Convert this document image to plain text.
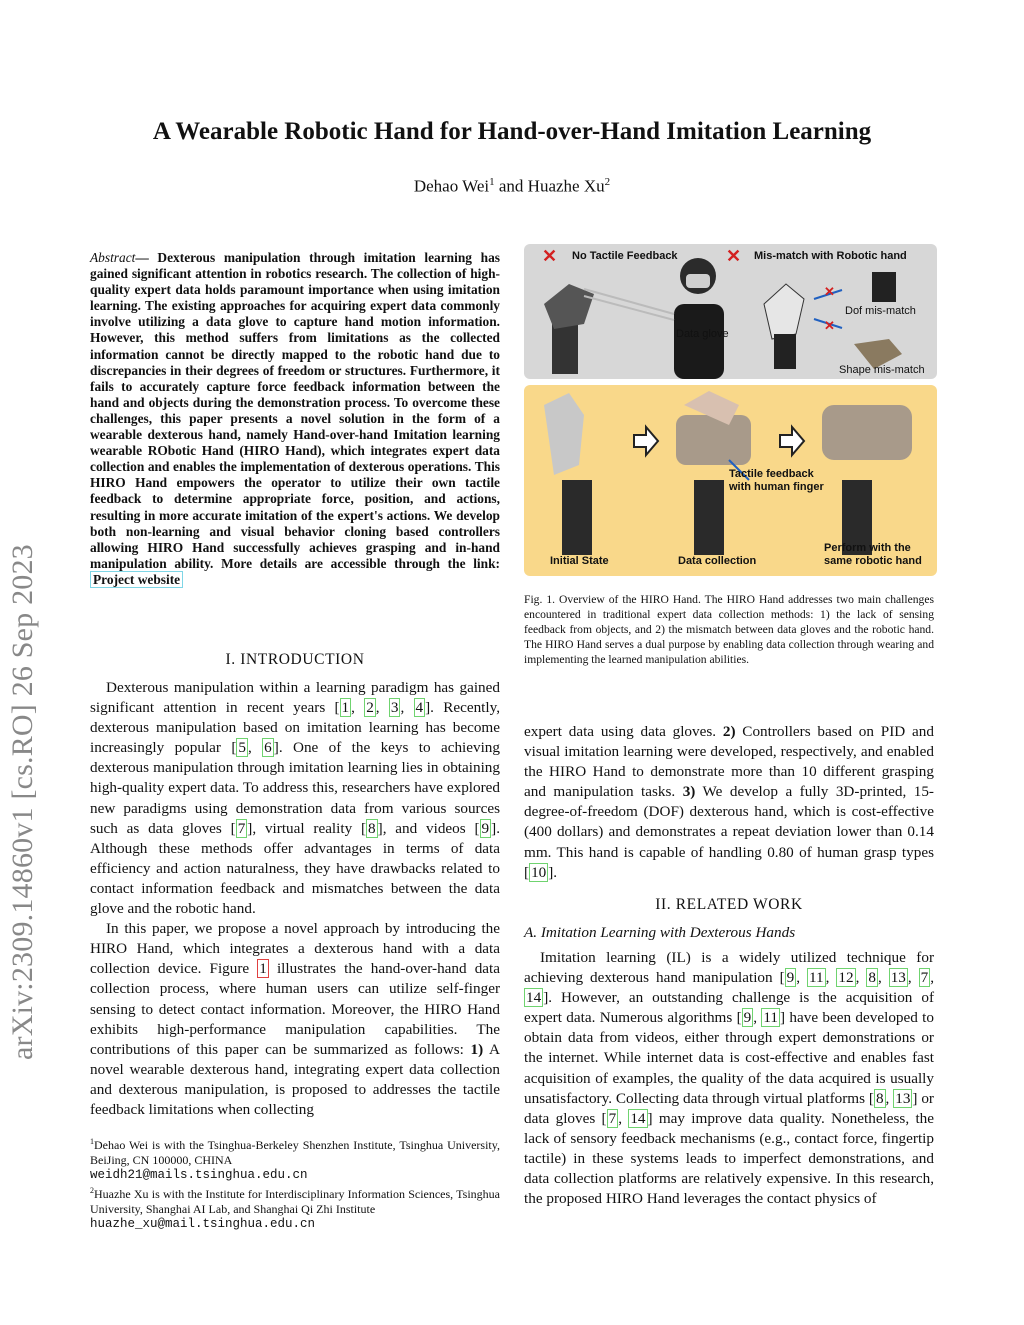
A Wearable Robotic Hand for Hand-over-Hand Imitation Learning
Dehao Wei$^1$ and Huazhe Xu$^2$
arXiv:2309.14860v1 [cs.RO] 26 Sep 2023
Abstract— Dexterous manipulation through imitation learning has gained significant attention in robotics research. The collection of high-quality expert data holds paramount importance when using imitation learning. The existing approaches for acquiring expert data commonly involve utilizing a data glove to capture hand motion information. However, this method suffers from limitations as the collected information cannot be directly mapped to the robotic hand due to discrepancies in their degrees of freedom or structures. Furthermore, it fails to accurately capture force feedback information between the hand and objects during the demonstration process. To overcome these challenges, this paper presents a novel solution in the form of a wearable dexterous hand, namely Hand-over-hand Imitation learning wearable RObotic Hand (HIRO Hand), which integrates expert data collection and enables the implementation of dexterous operations. This HIRO Hand empowers the operator to utilize their own tactile feedback to determine appropriate force, position, and actions, resulting in more accurate imitation of the expert's actions. We develop both non-learning and visual behavior cloning based controllers allowing HIRO Hand successfully achieves grasping and in-hand manipulation ability. More details are accessible through the link: Project website
I. INTRODUCTION

Dexterous manipulation within a learning paradigm has gained significant attention in recent years [ 1 , 2 , 3 , 4 ]. Recently, dexterous manipulation based on imitation learning has become increasingly popular [ 5 , 6 ]. One of the keys to achieving dexterous manipulation through imitation learning lies in obtaining high-quality expert data. To address this, researchers have explored new paradigms using demonstration data from various sources such as data gloves [ 7 ], virtual reality [ 8 ], and videos [ 9 ]. Although these methods offer advantages in terms of data efficiency and action naturalness, they have drawbacks related to contact information feedback and mismatches between the data glove and the robotic hand.

In this paper, we propose a novel approach by introducing the HIRO Hand, which integrates a dexterous hand with a data collection device. Figure 1 illustrates the hand-over-hand data collection process, where human users can utilize self-finger sensing to detect contact information. Moreover, the HIRO Hand exhibits high-performance manipulation capabilities. The contributions of this paper can be summarized as follows: 1) A novel wearable dexterous hand, integrating expert data collection and dexterous manipulation, is proposed to addresses the tactile feedback limitations when collecting

$^1$Dehao Wei is with the Tsinghua-Berkeley Shenzhen Institute, Tsinghua University, BeiJing, CN 100000, CHINA
weidh21@mails.tsinghua.edu.cn
$^2$Huazhe Xu is with the Institute for Interdisciplinary Information Sciences, Tsinghua University, Shanghai AI Lab, and Shanghai Qi Zhi Institute
huazhe_xu@mail.tsinghua.edu.cn
✕ No Tactile Feedback	✕ Mis-match with Robotic hand
Data glove
Dof mis-match
Shape mis-match
✕
✕
Tactile feedback
with human finger
Initial State	Data collection
Perform with the
same robotic hand
Fig. 1. Overview of the HIRO Hand. The HIRO Hand addresses two main challenges encountered in traditional expert data collection methods: 1) the lack of sensing feedback from objects, and 2) the mismatch between data gloves and the robotic hand. The HIRO Hand serves a dual purpose by enabling data collection through wearing and implementing the learned manipulation abilities.

expert data using data gloves. 2) Controllers based on PID and visual imitation learning were developed, respectively, and enabled the HIRO Hand to demonstrate more than 10 different grasping and manipulation tasks. 3) We develop a fully 3D-printed, 15-degree-of-freedom (DOF) dexterous hand, which is cost-effective (400 dollars) and demonstrates a repeat deviation lower than 0.14 mm. This hand is capable of handling 0.80 of human grasp types [ 10 ].

II. RELATED WORK
A. Imitation Learning with Dexterous Hands

Imitation learning (IL) is a widely utilized technique for achieving dexterous hand manipulation [ 9 , 11 , 12 , 8 , 13 , 7 , 14 ]. However, an outstanding challenge is the acquisition of expert data. Numerous algorithms [ 9 , 11 ] have been developed to obtain data from videos, either through expert demonstrations or the internet. While internet data is cost-effective and enables fast acquisition of examples, the quality of the data acquired is usually unsatisfactory. Collecting data through virtual platforms [ 8 , 13 ] or data gloves [ 7 , 14 ] may improve data quality. Nonetheless, the lack of sensory feedback mechanisms (e.g., contact force, fingertip tactile) in these systems leads to imperfect demonstrations, and data collection platforms are relatively expensive. In this research, the proposed HIRO Hand leverages the contact physics of
